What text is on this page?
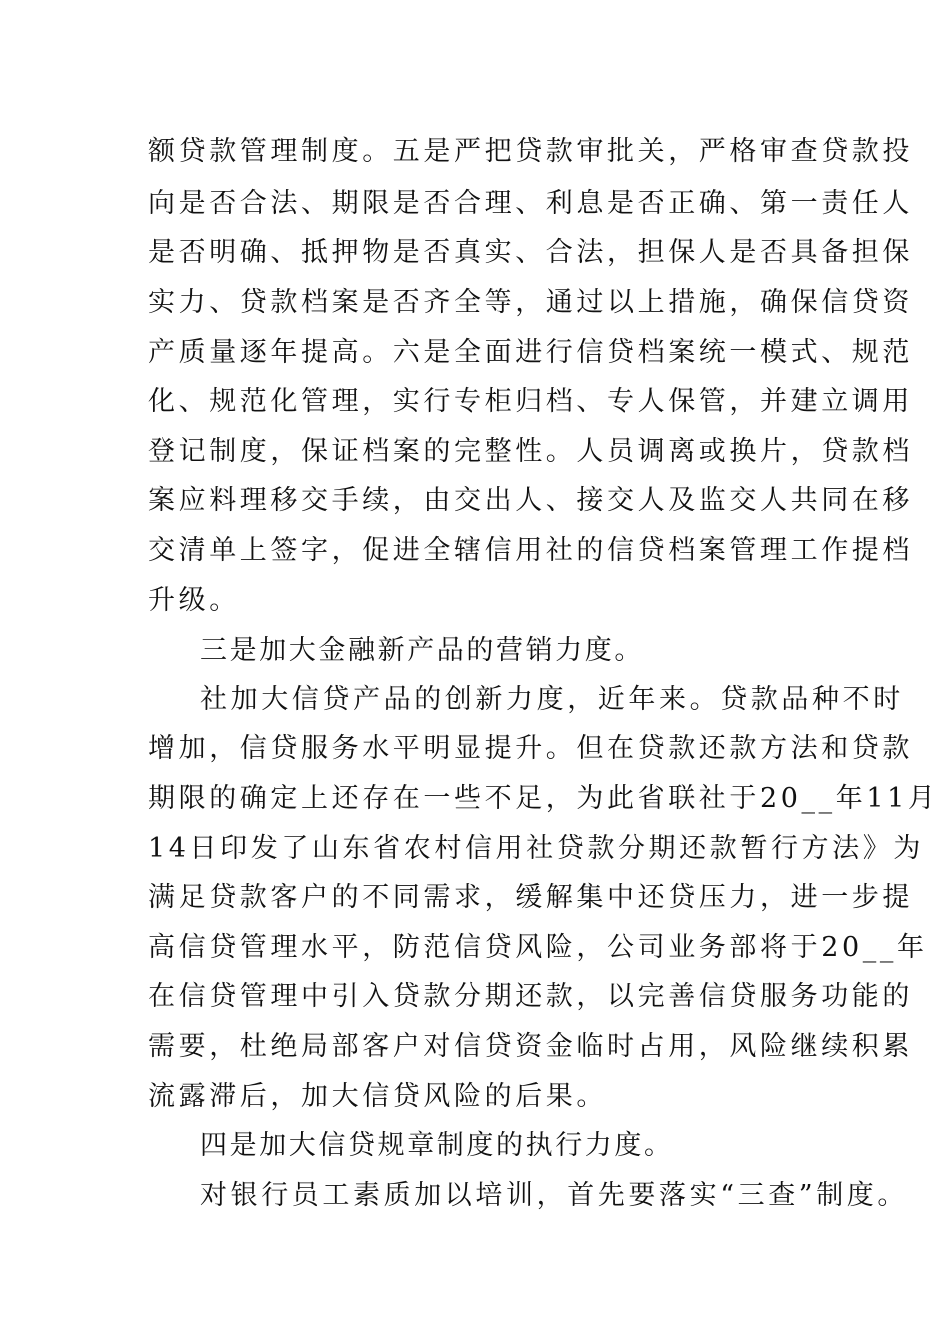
额贷款管理制度。五是严把贷款审批关，严格审查贷款投
向是否合法、期限是否合理、利息是否正确、第一责任人
是否明确、抵押物是否真实、合法，担保人是否具备担保
实力、贷款档案是否齐全等，通过以上措施，确保信贷资
产质量逐年提高。六是全面进行信贷档案统一模式、规范
化、规范化管理，实行专柜归档、专人保管，并建立调用
登记制度，保证档案的完整性。人员调离或换片，贷款档
案应料理移交手续，由交出人、接交人及监交人共同在移
交清单上签字，促进全辖信用社的信贷档案管理工作提档
升级。
三是加大金融新产品的营销力度。
社加大信贷产品的创新力度，近年来。贷款品种不时
增加，信贷服务水平明显提升。但在贷款还款方法和贷款
期限的确定上还存在一些不足，为此省联社于20__年11月
14日印发了山东省农村信用社贷款分期还款暂行方法》为
满足贷款客户的不同需求，缓解集中还贷压力，进一步提
高信贷管理水平，防范信贷风险，公司业务部将于20__年
在信贷管理中引入贷款分期还款，以完善信贷服务功能的
需要，杜绝局部客户对信贷资金临时占用，风险继续积累
流露滞后，加大信贷风险的后果。
四是加大信贷规章制度的执行力度。
对银行员工素质加以培训，首先要落实“三查”制度。
